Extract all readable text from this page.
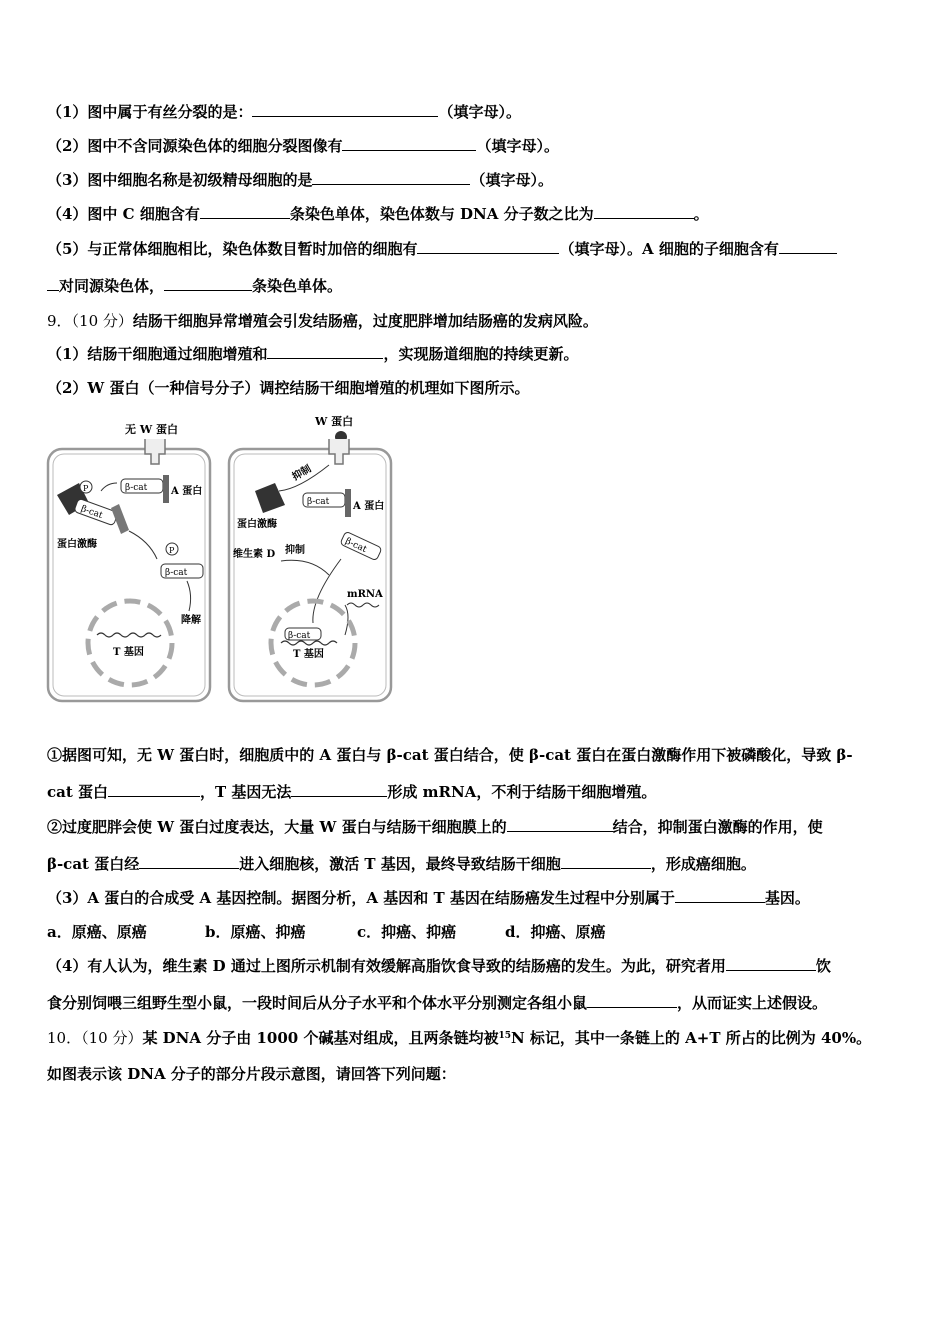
（1）图中属于有丝分裂的是：	（填字母）。
（2）图中不含同源染色体的细胞分裂图像有	（填字母）。
（3）图中细胞名称是初级精母细胞的是	（填字母）。
（4）图中 C 细胞含有	条染色单体，染色体数与 DNA 分子数之比为	。
（5）与正常体细胞相比，染色体数目暂时加倍的细胞有	（填字母）。A 细胞的子细胞含有
对同源染色体，	条染色单体。
9．（10 分）结肠干细胞异常增殖会引发结肠癌，过度肥胖增加结肠癌的发病风险。
（1）结肠干细胞通过细胞增殖和	，实现肠道细胞的持续更新。
（2）W 蛋白（一种信号分子）调控结肠干细胞增殖的机理如下图所示。
无 W 蛋白
P
β-cat
蛋白激酶
β-cat A 蛋白
P
β-cat
降解
T 基因
W 蛋白
抑制
蛋白激酶
β-cat A 蛋白
维生素 D 抑制	β-cat
mRNA
β-cat
T 基因
①据图可知，无 W 蛋白时，细胞质中的 A 蛋白与 β-cat 蛋白结合，使 β-cat 蛋白在蛋白激酶作用下被磷酸化，导致 β-
cat 蛋白	，T 基因无法	形成 mRNA，不利于结肠干细胞增殖。
②过度肥胖会使 W 蛋白过度表达，大量 W 蛋白与结肠干细胞膜上的	结合，抑制蛋白激酶的作用，使
β-cat 蛋白经	进入细胞核，激活 T 基因，最终导致结肠干细胞	，形成癌细胞。
（3）A 蛋白的合成受 A 基因控制。据图分析，A 基因和 T 基因在结肠癌发生过程中分别属于	基因。
a．原癌、原癌	b．原癌、抑癌	c．抑癌、抑癌	d．抑癌、原癌
（4）有人认为，维生素 D 通过上图所示机制有效缓解高脂饮食导致的结肠癌的发生。为此，研究者用	饮
食分别饲喂三组野生型小鼠，一段时间后从分子水平和个体水平分别测定各组小鼠	，从而证实上述假设。
10．（10 分）某 DNA 分子由 1000 个碱基对组成，且两条链均被$^{15}$N 标记，其中一条链上的 A+T 所占的比例为 40%。
如图表示该 DNA 分子的部分片段示意图，请回答下列问题：
